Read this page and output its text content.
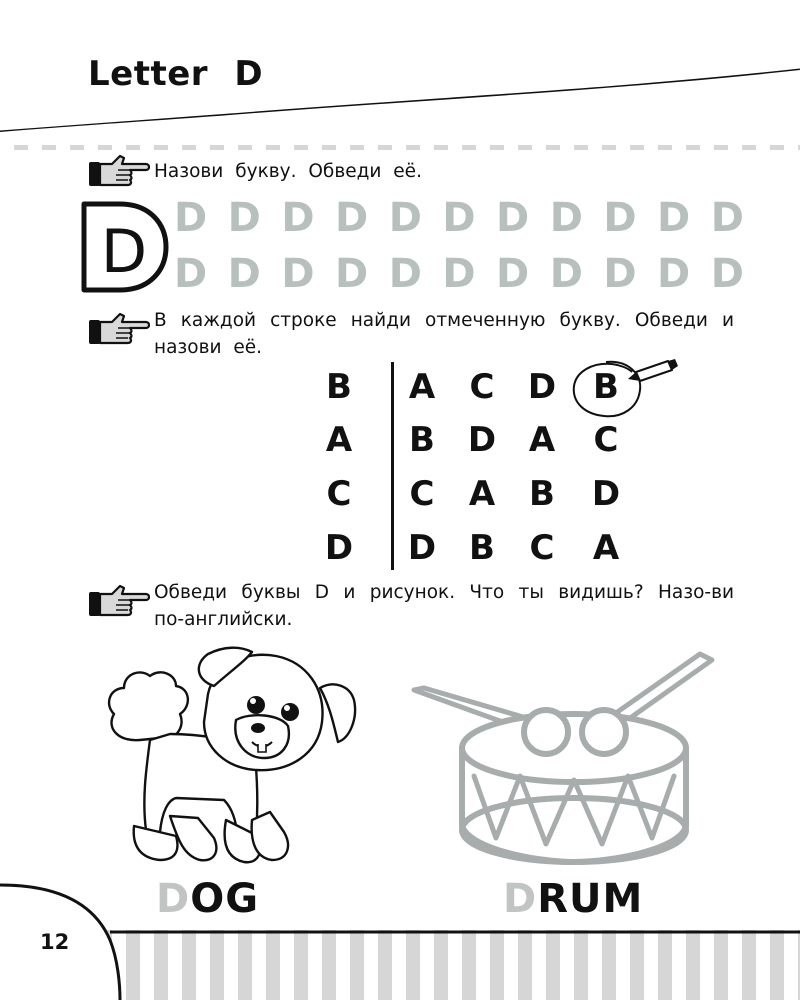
Letter D
Назови букву. Обведи её.
D D D D D D D D D D D D
D D D D D D D D D D D
В каждой строке найди отмеченную букву. Обведи и назови её.
B A C D B
A B D A C
C C A B D
D D B C A
Обведи буквы D и рисунок. Что ты видишь? Назо-ви по-английски.
DOG	DRUM
12
